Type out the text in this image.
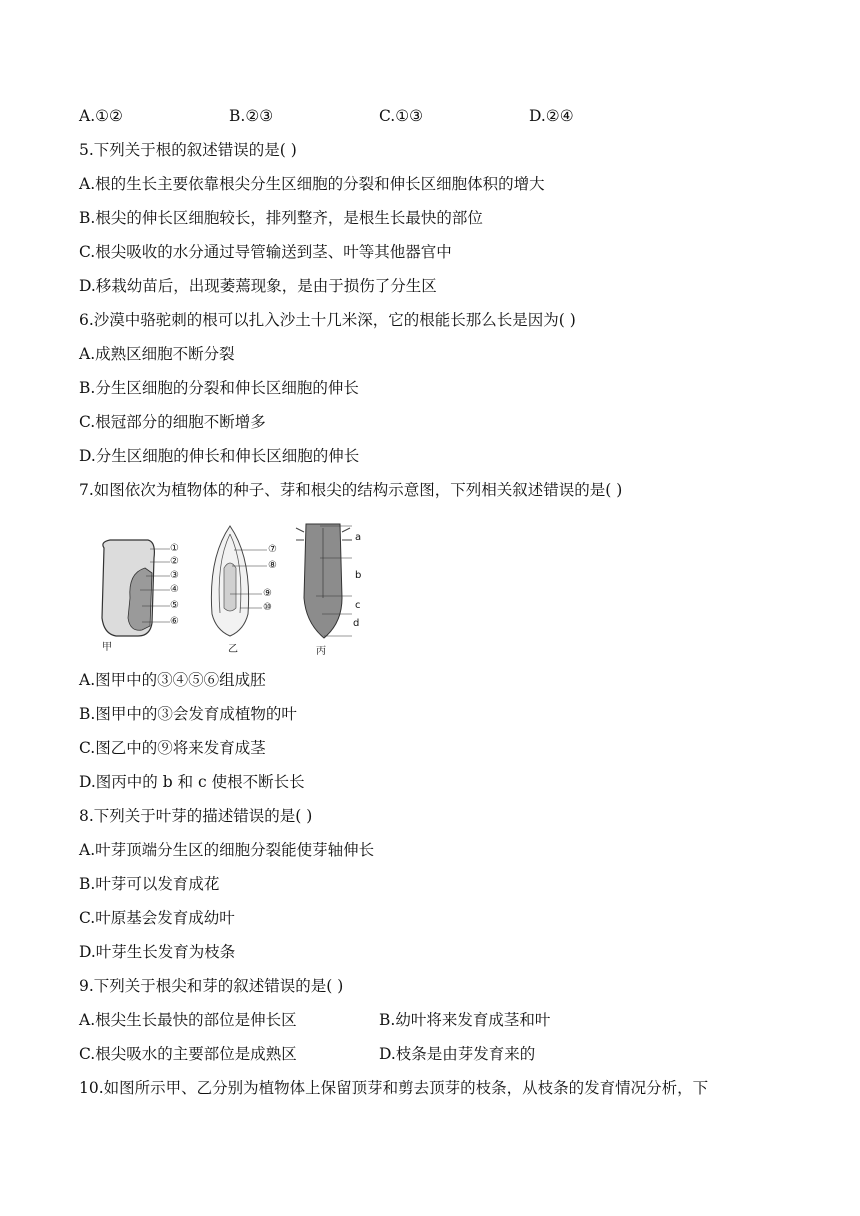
A.①②	B.②③	C.①③	D.②④
5.下列关于根的叙述错误的是( )
A.根的生长主要依靠根尖分生区细胞的分裂和伸长区细胞体积的增大
B.根尖的伸长区细胞较长，排列整齐，是根生长最快的部位
C.根尖吸收的水分通过导管输送到茎、叶等其他器官中
D.移栽幼苗后，出现萎蔫现象，是由于损伤了分生区
6.沙漠中骆驼刺的根可以扎入沙土十几米深，它的根能长那么长是因为( )
A.成熟区细胞不断分裂
B.分生区细胞的分裂和伸长区细胞的伸长
C.根冠部分的细胞不断增多
D.分生区细胞的伸长和伸长区细胞的伸长
7.如图依次为植物体的种子、芽和根尖的结构示意图，下列相关叙述错误的是( )
①
②
③
④
⑤
⑥
甲
⑦
⑧
⑨
⑩
乙
a
b
c
d
丙
A.图甲中的③④⑤⑥组成胚
B.图甲中的③会发育成植物的叶
C.图乙中的⑨将来发育成茎
D.图丙中的 b 和 c 使根不断长长
8.下列关于叶芽的描述错误的是( )
A.叶芽顶端分生区的细胞分裂能使芽轴伸长
B.叶芽可以发育成花
C.叶原基会发育成幼叶
D.叶芽生长发育为枝条
9.下列关于根尖和芽的叙述错误的是( )
A.根尖生长最快的部位是伸长区	B.幼叶将来发育成茎和叶
C.根尖吸水的主要部位是成熟区	D.枝条是由芽发育来的
10.如图所示甲、乙分别为植物体上保留顶芽和剪去顶芽的枝条，从枝条的发育情况分析，下
